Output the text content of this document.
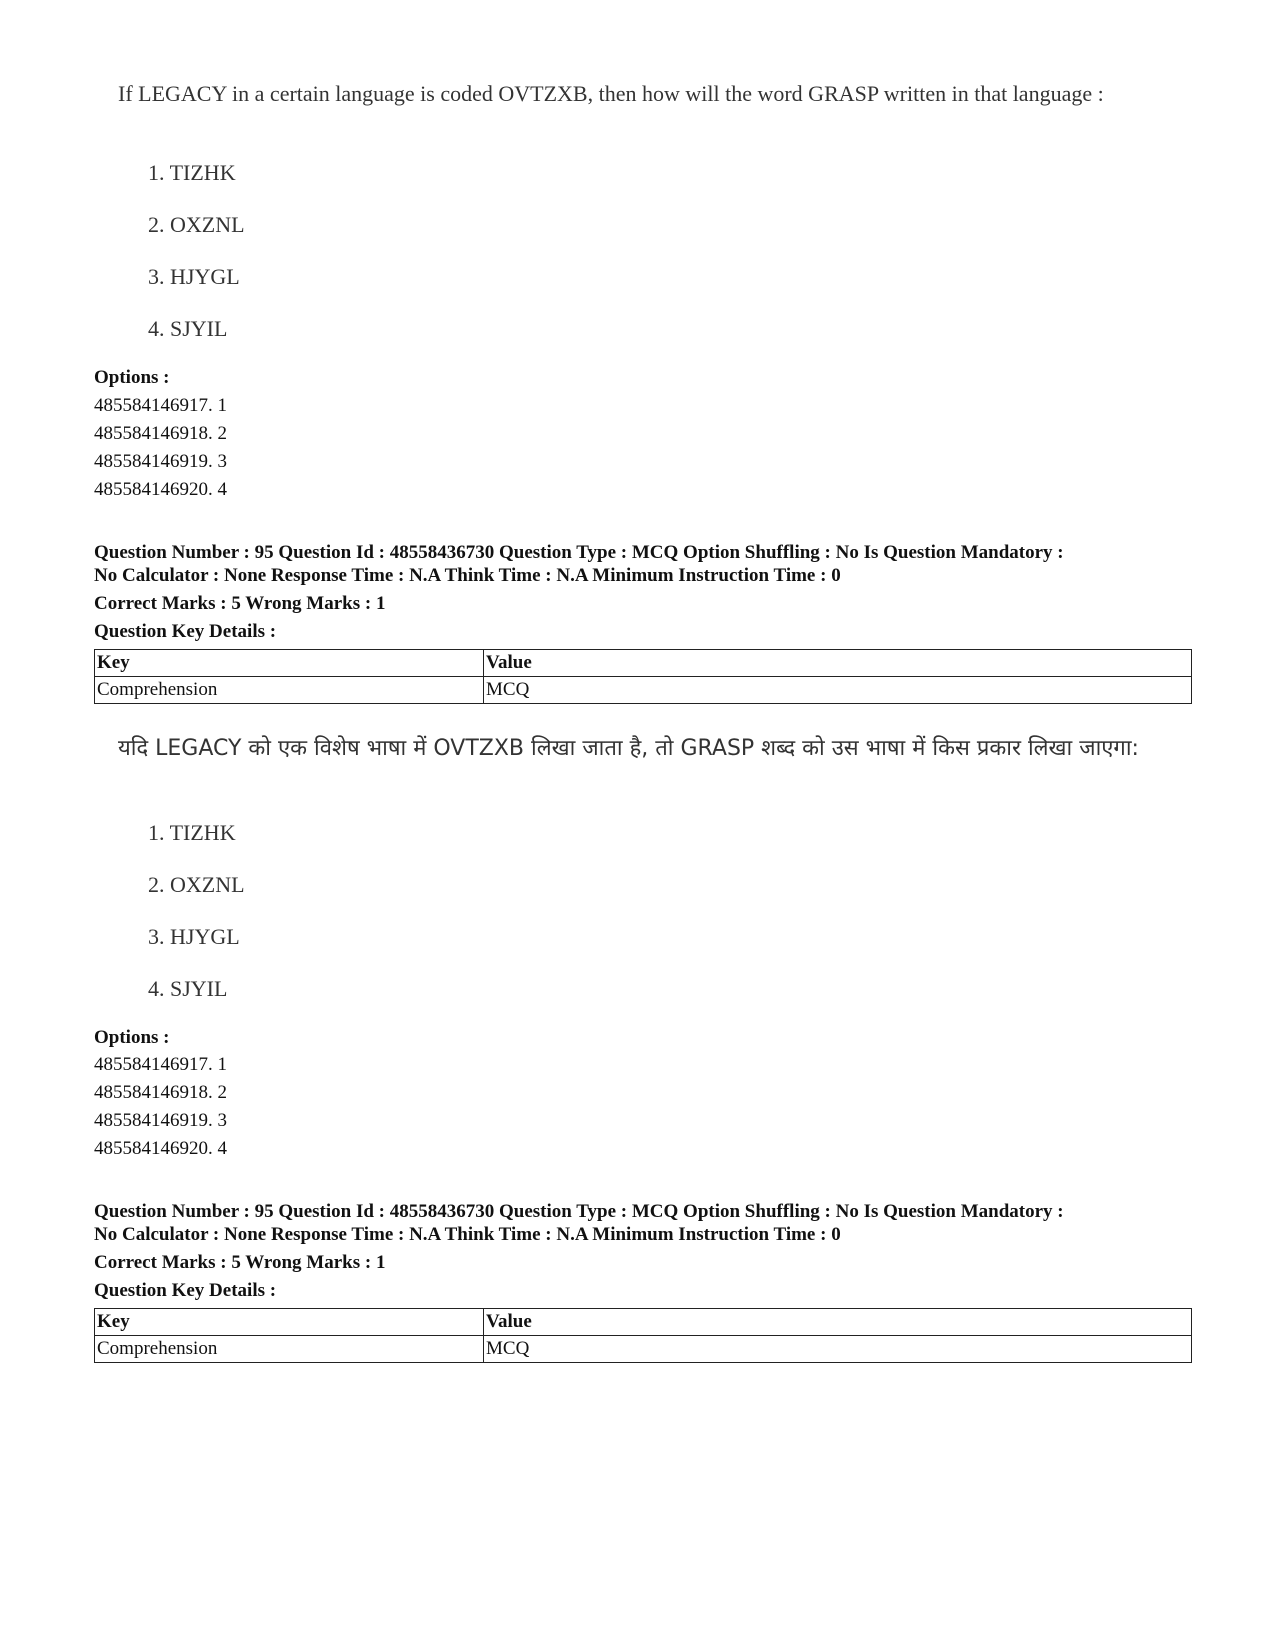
If LEGACY in a certain language is coded OVTZXB, then how will the word GRASP written in that language :
1. TIZHK
2. OXZNL
3. HJYGL
4. SJYIL
Options :
485584146917. 1
485584146918. 2
485584146919. 3
485584146920. 4
Question Number : 95 Question Id : 48558436730 Question Type : MCQ Option Shuffling : No Is Question Mandatory :
No Calculator : None Response Time : N.A Think Time : N.A Minimum Instruction Time : 0
Correct Marks : 5 Wrong Marks : 1
Question Key Details :
Key	Value
Comprehension	MCQ
यदि LEGACY को एक विशेष भाषा में OVTZXB लिखा जाता है, तो GRASP शब्द को उस भाषा में किस प्रकार लिखा जाएगा:
1. TIZHK
2. OXZNL
3. HJYGL
4. SJYIL
Options :
485584146917. 1
485584146918. 2
485584146919. 3
485584146920. 4
Question Number : 95 Question Id : 48558436730 Question Type : MCQ Option Shuffling : No Is Question Mandatory :
No Calculator : None Response Time : N.A Think Time : N.A Minimum Instruction Time : 0
Correct Marks : 5 Wrong Marks : 1
Question Key Details :
Key	Value
Comprehension	MCQ
